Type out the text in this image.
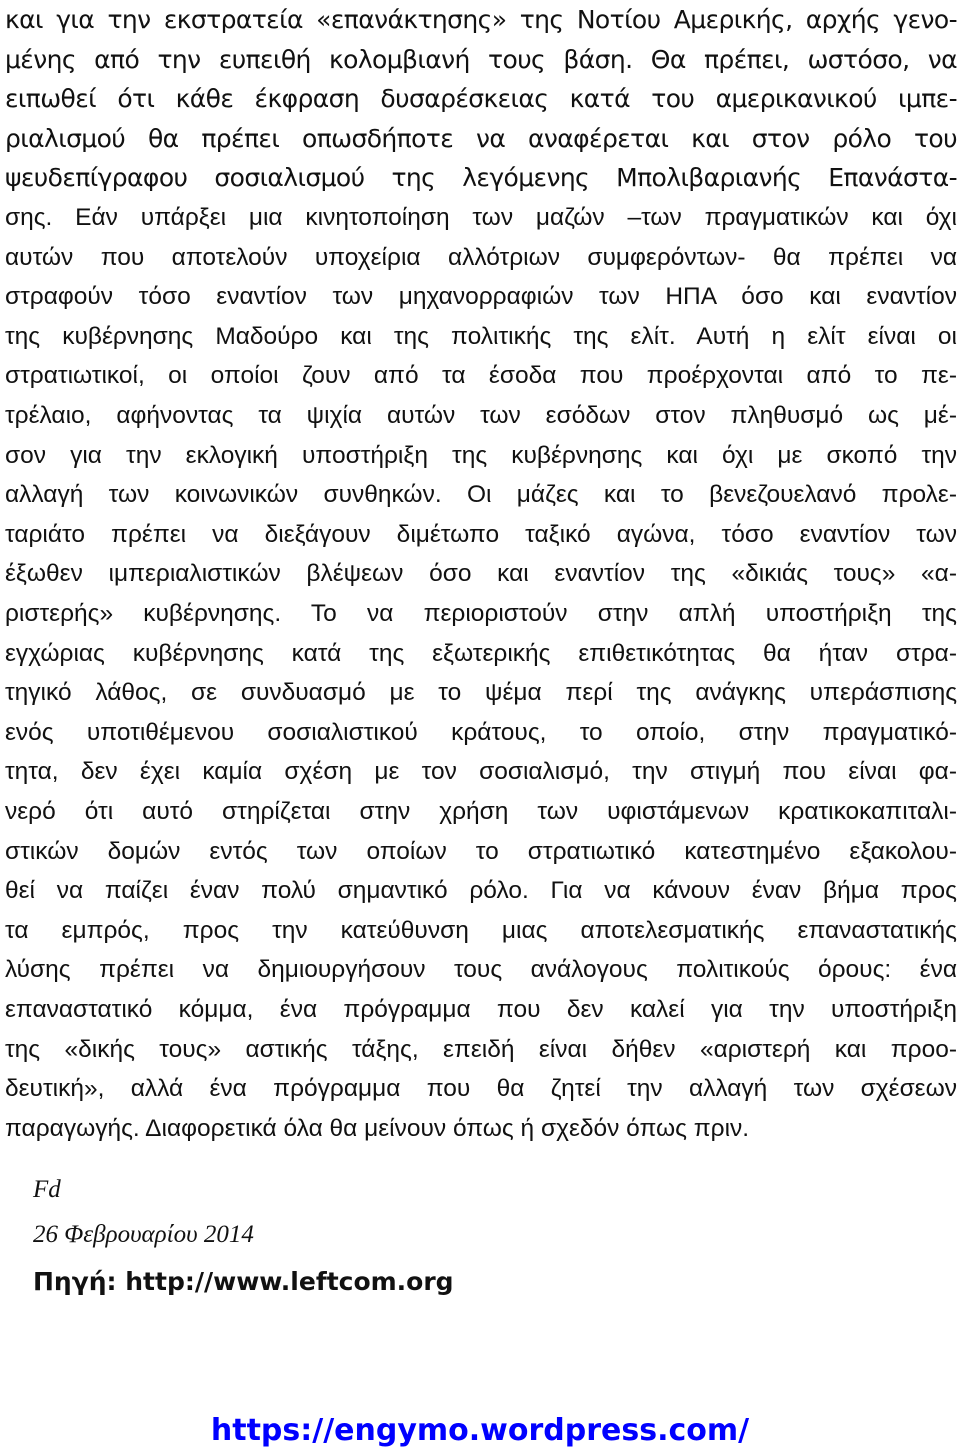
και για την εκστρατεία «επανάκτησης» της Νοτίου Αμερικής, αρχής γενο-
μένης από την ευπειθή κολομβιανή τους βάση. Θα πρέπει, ωστόσο, να
ειπωθεί ότι κάθε έκφραση δυσαρέσκειας κατά του αμερικανικού ιμπε-
ριαλισμού θα πρέπει οπωσδήποτε να αναφέρεται και στον ρόλο του
ψευδεπίγραφου σοσιαλισμού της λεγόμενης Μπολιβαριανής Επανάστα-
σης. Εάν υπάρξει μια κινητοποίηση των μαζών –των πραγματικών και όχι
αυτών που αποτελούν υποχείρια αλλότριων συμφερόντων- θα πρέπει να
στραφούν τόσο εναντίον των μηχανορραφιών των ΗΠΑ όσο και εναντίον
της κυβέρνησης Μαδούρο και της πολιτικής της ελίτ. Αυτή η ελίτ είναι οι
στρατιωτικοί, οι οποίοι ζουν από τα έσοδα που προέρχονται από το πε-
τρέλαιο, αφήνοντας τα ψιχία αυτών των εσόδων στον πληθυσμό ως μέ-
σον για την εκλογική υποστήριξη της κυβέρνησης και όχι με σκοπό την
αλλαγή των κοινωνικών συνθηκών. Οι μάζες και το βενεζουελανό προλε-
ταριάτο πρέπει να διεξάγουν διμέτωπο ταξικό αγώνα, τόσο εναντίον των
έξωθεν ιμπεριαλιστικών βλέψεων όσο και εναντίον της «δικιάς τους» «α-
ριστερής» κυβέρνησης. Το να περιοριστούν στην απλή υποστήριξη της
εγχώριας κυβέρνησης κατά της εξωτερικής επιθετικότητας θα ήταν στρα-
τηγικό λάθος, σε συνδυασμό με το ψέμα περί της ανάγκης υπεράσπισης
ενός υποτιθέμενου σοσιαλιστικού κράτους, το οποίο, στην πραγματικό-
τητα, δεν έχει καμία σχέση με τον σοσιαλισμό, την στιγμή που είναι φα-
νερό ότι αυτό στηρίζεται στην χρήση των υφιστάμενων κρατικοκαπιταλι-
στικών δομών εντός των οποίων το στρατιωτικό κατεστημένο εξακολου-
θεί να παίζει έναν πολύ σημαντικό ρόλο. Για να κάνουν έναν βήμα προς
τα εμπρός, προς την κατεύθυνση μιας αποτελεσματικής επαναστατικής
λύσης πρέπει να δημιουργήσουν τους ανάλογους πολιτικούς όρους: ένα
επαναστατικό κόμμα, ένα πρόγραμμα που δεν καλεί για την υποστήριξη
της «δικής τους» αστικής τάξης, επειδή είναι δήθεν «αριστερή και προο-
δευτική», αλλά ένα πρόγραμμα που θα ζητεί την αλλαγή των σχέσεων
παραγωγής. Διαφορετικά όλα θα μείνουν όπως ή σχεδόν όπως πριν.
Fd
26 Φεβρουαρίου 2014
Πηγή: http://www.leftcom.org
https://engymo.wordpress.com/
